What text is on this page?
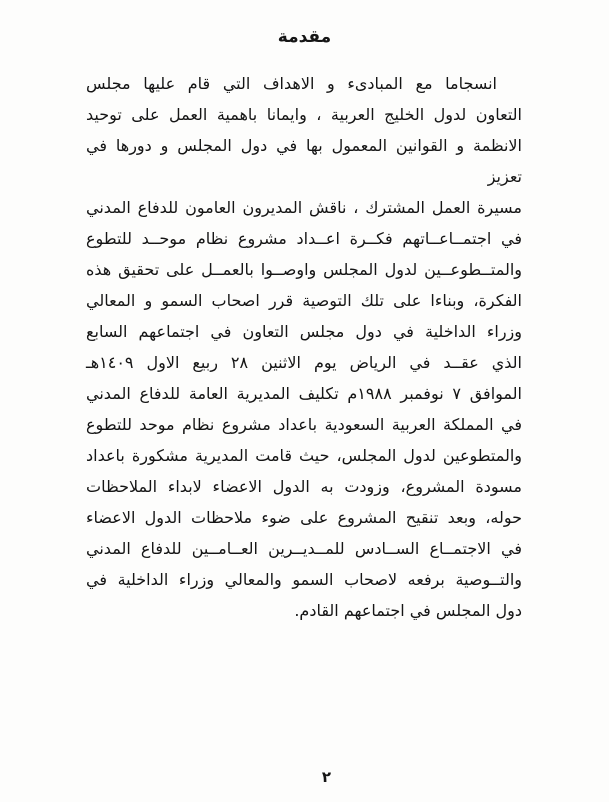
مقدمة
انسجاما مع المبادىء و الاهداف التي قام عليها مجلس
التعاون لدول الخليج العربية ، وايمانا باهمية العمل على توحيد
الانظمة و القوانين المعمول بها في دول المجلس و دورها في تعزيز
مسيرة العمل المشترك ، ناقش المديرون العامون للدفاع المدني
في اجتمــاعــاتهم فكــرة اعــداد مشروع نظام موحــد للتطوع
والمتــطوعــين لدول المجلس واوصــوا بالعمــل على تحقيق هذه
الفكرة، وبناءا على تلك التوصية قرر اصحاب السمو و المعالي
وزراء الداخلية في دول مجلس التعاون في اجتماعهم السابع
الذي عقــد في الرياض يوم الاثنين ٢٨ ربيع الاول ١٤٠٩هـ
الموافق ٧ نوفمبر ١٩٨٨م تكليف المديرية العامة للدفاع المدني
في المملكة العربية السعودية باعداد مشروع نظام موحد للتطوع
والمتطوعين لدول المجلس، حيث قامت المديرية مشكورة باعداد
مسودة المشروع، وزودت به الدول الاعضاء لابداء الملاحظات
حوله، وبعد تنقيح المشروع على ضوء ملاحظات الدول الاعضاء
في الاجتمــاع الســادس للمــديــرين العــامــين للدفاع المدني
والتــوصية برفعه لاصحاب السمو والمعالي وزراء الداخلية في
دول المجلس في اجتماعهم القادم.
٢
